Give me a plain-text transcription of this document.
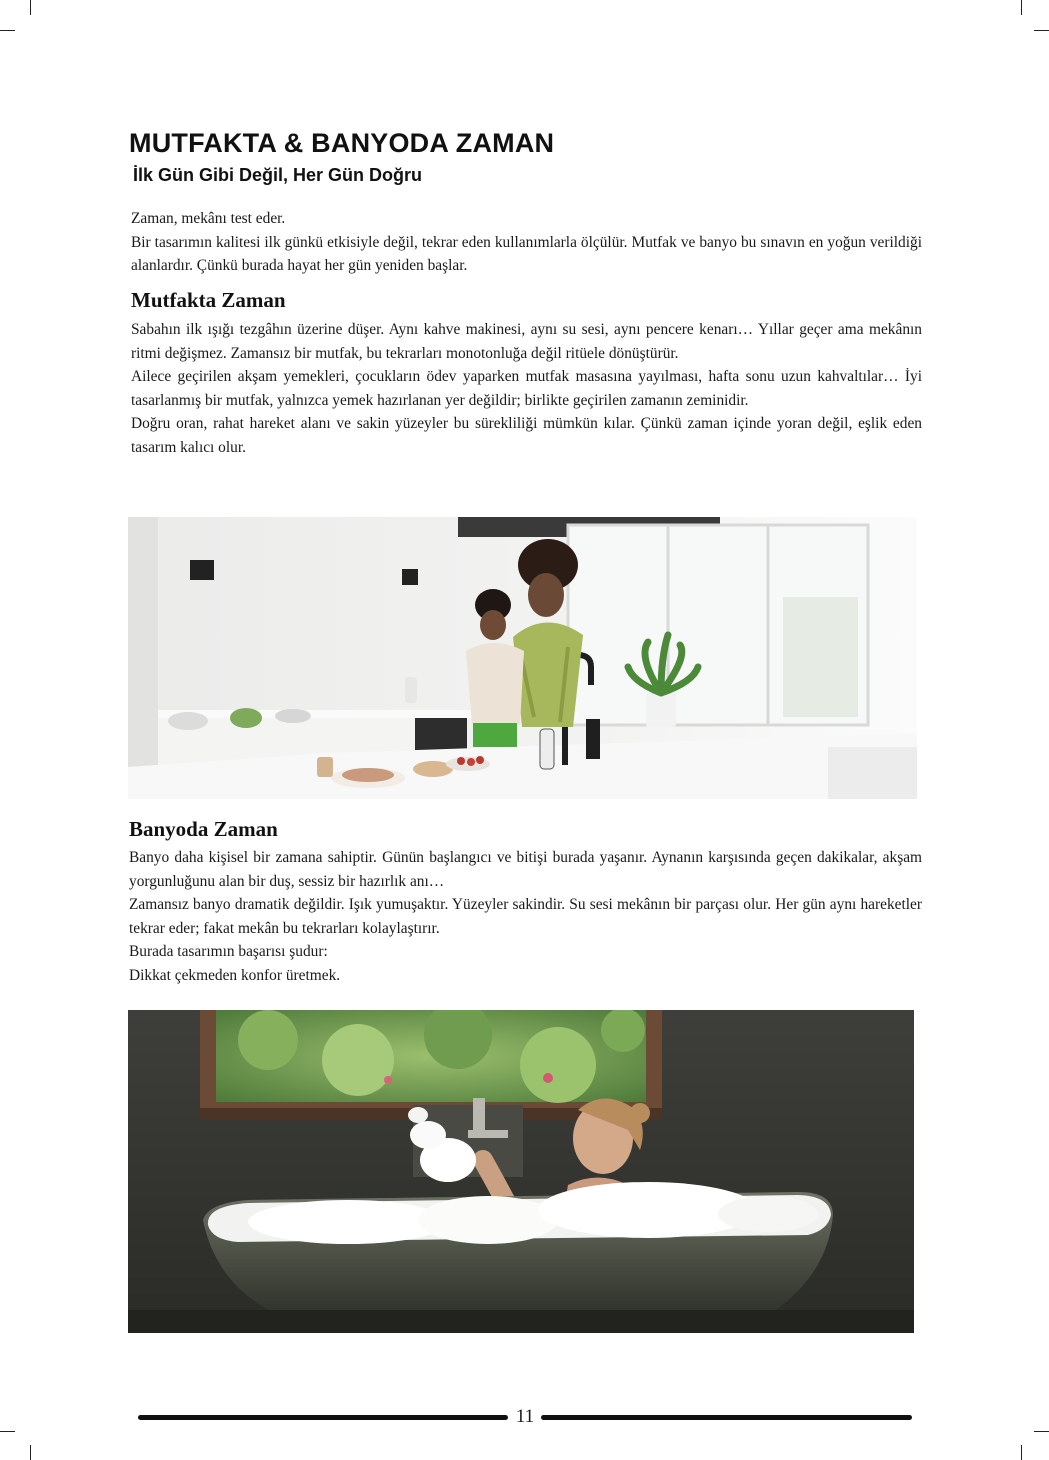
MUTFAKTA & BANYODA ZAMAN
İlk Gün Gibi Değil, Her Gün Doğru

Zaman, mekânı test eder.

Bir tasarımın kalitesi ilk günkü etkisiyle değil, tekrar eden kullanımlarla ölçülür. Mutfak ve banyo bu sınavın en yoğun verildiği alanlardır. Çünkü burada hayat her gün yeniden başlar.

Mutfakta Zaman

Sabahın ilk ışığı tezgâhın üzerine düşer. Aynı kahve makinesi, aynı su sesi, aynı pencere kenarı… Yıllar geçer ama mekânın ritmi değişmez. Zamansız bir mutfak, bu tekrarları monotonluğa değil ritüele dönüştürür.

Ailece geçirilen akşam yemekleri, çocukların ödev yaparken mutfak masasına yayılması, hafta sonu uzun kahvaltılar… İyi tasarlanmış bir mutfak, yalnızca yemek hazırlanan yer değildir; birlikte geçirilen zamanın zeminidir.

Doğru oran, rahat hareket alanı ve sakin yüzeyler bu sürekliliği mümkün kılar. Çünkü zaman içinde yoran değil, eşlik eden tasarım kalıcı olur.

Banyoda Zaman

Banyo daha kişisel bir zamana sahiptir. Günün başlangıcı ve bitişi burada yaşanır. Aynanın karşısında geçen dakikalar, akşam yorgunluğunu alan bir duş, sessiz bir hazırlık anı…

Zamansız banyo dramatik değildir. Işık yumuşaktır. Yüzeyler sakindir. Su sesi mekânın bir parçası olur. Her gün aynı hareketler tekrar eder; fakat mekân bu tekrarları kolaylaştırır.

Burada tasarımın başarısı şudur:

Dikkat çekmeden konfor üretmek.

11
